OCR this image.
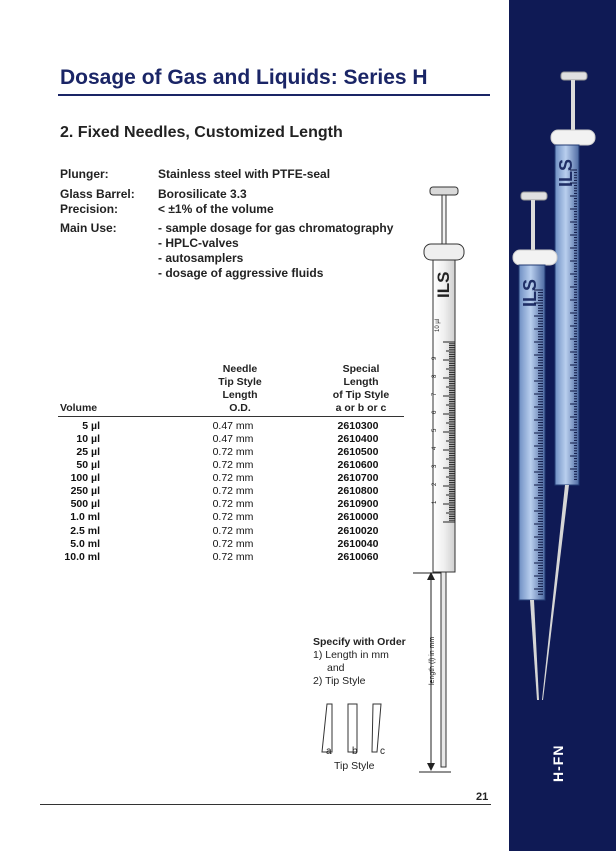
H-FN
Dosage of Gas and Liquids: Series H
2. Fixed Needles, Customized Length
Plunger:	Stainless steel with PTFE-seal
Glass Barrel: Borosilicate 3.3
Precision:	< ±1% of the volume
Main Use:	- sample dosage for gas chromatography
- HPLC-valves
- autosamplers
- dosage of aggressive fluids
Volume
Needle
Tip Style
Length
O.D.
Special
Length
of Tip Style
a or b or c
5 µl	0.47 mm	2610300
10 µl	0.47 mm	2610400
25 µl	0.72 mm	2610500
50 µl	0.72 mm	2610600
100 µl	0.72 mm	2610700
250 µl	0.72 mm	2610800
500 µl	0.72 mm	2610900
1.0 ml	0.72 mm	2610000
2.5 ml	0.72 mm	2610020
5.0 ml	0.72 mm	2610040
10.0 ml	0.72 mm	2610060
Specify with Order
1) Length in mm
and
2) Tip Style
a b c
Tip Style
ILS
10 µl
1
2
3
4
5
6
7
8
9
length (l) in mm
ILS
ILS
21
